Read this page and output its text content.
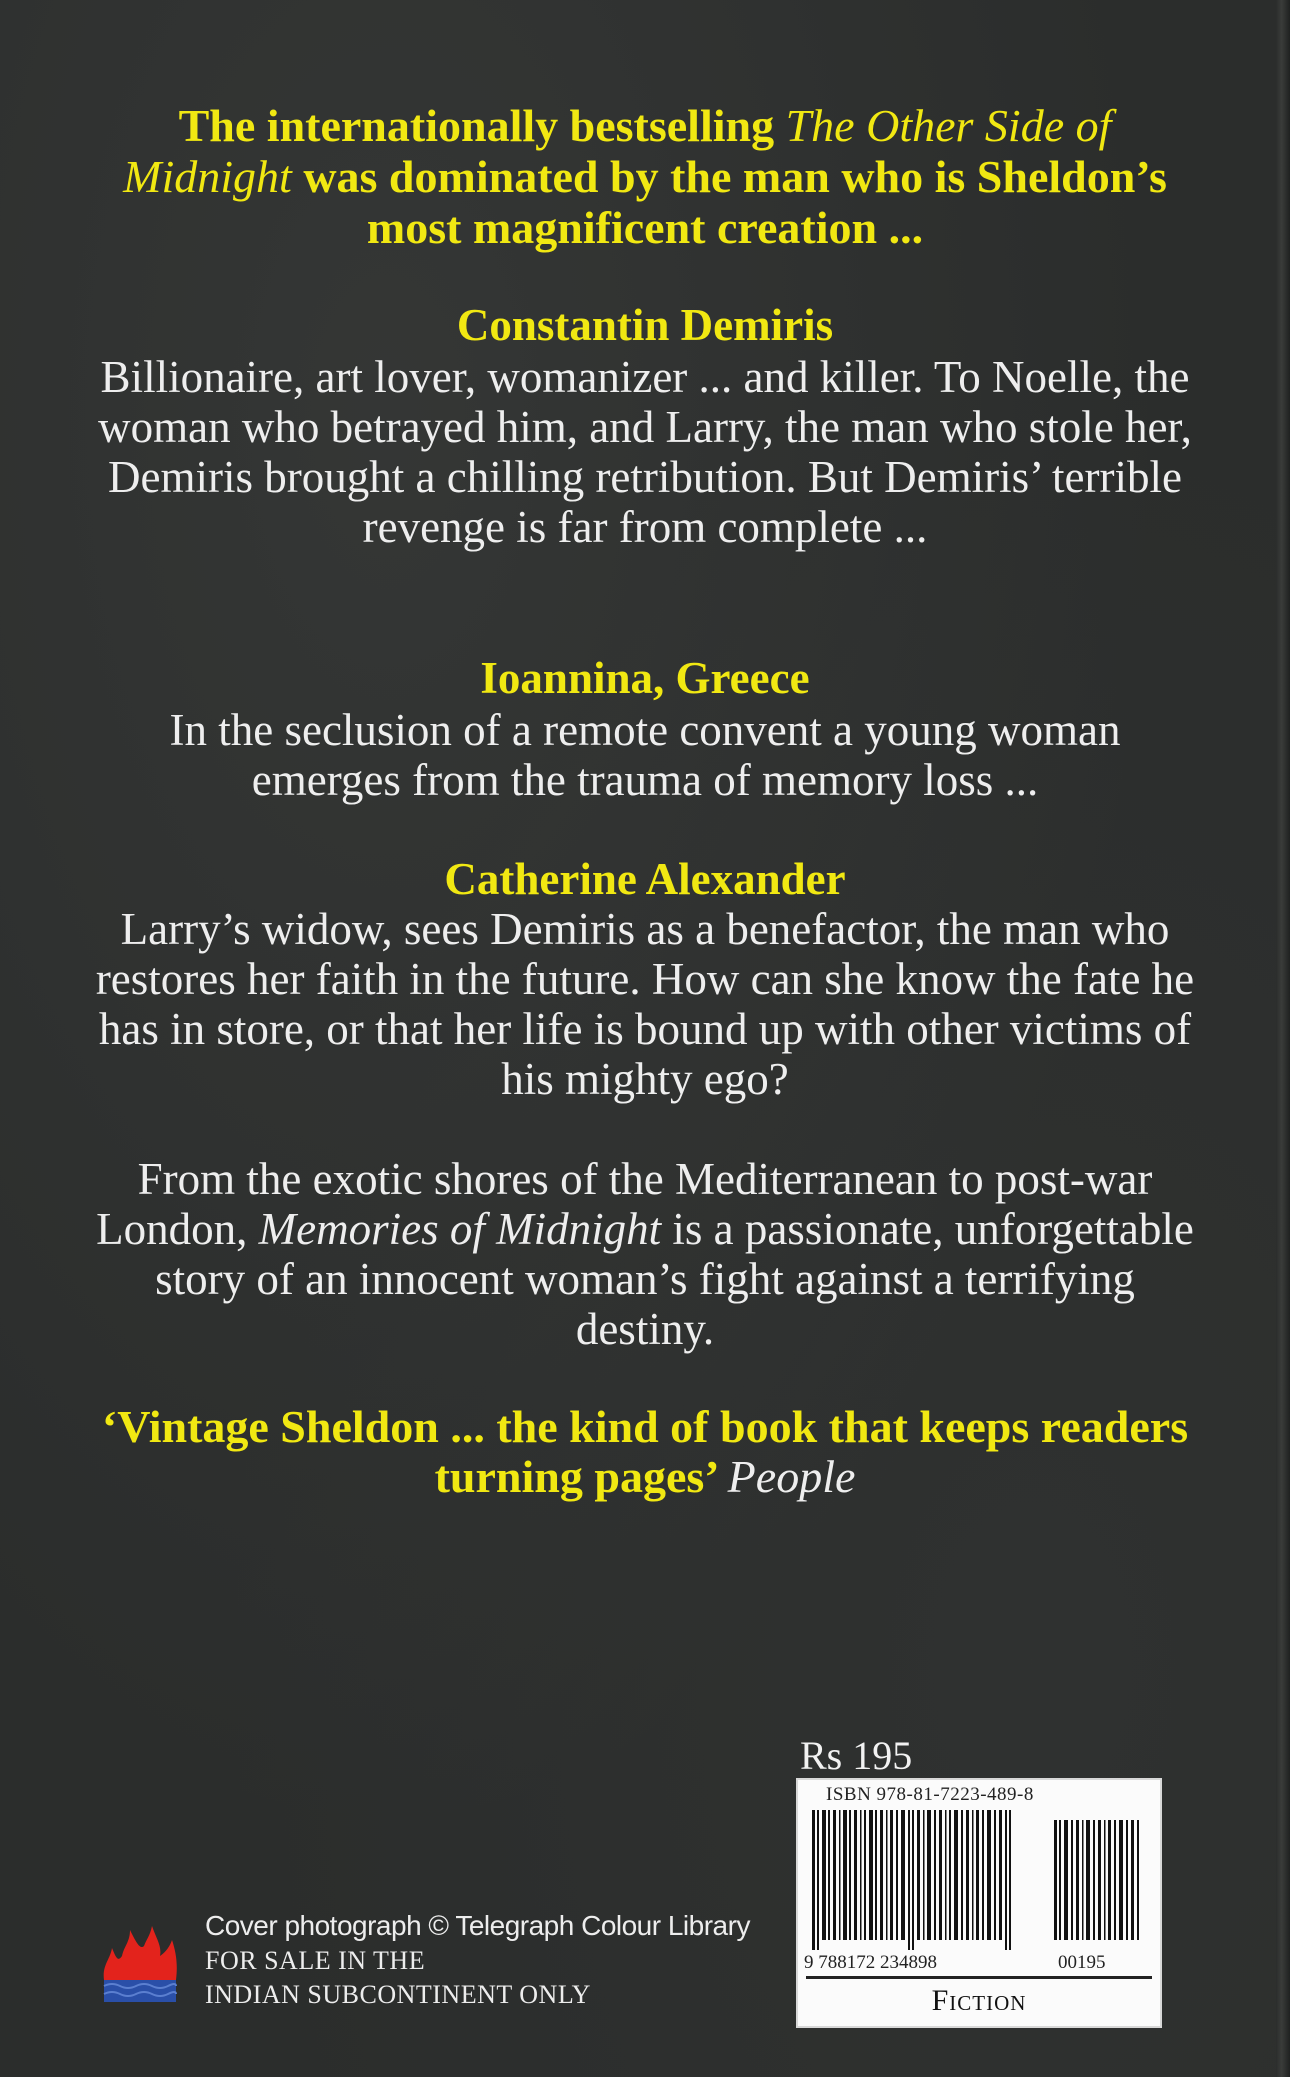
The internationally bestselling The Other Side of Midnight was dominated by the man who is Sheldon’s most magnificent creation ...
Constantin Demiris
Billionaire, art lover, womanizer ... and killer. To Noelle, the woman who betrayed him, and Larry, the man who stole her, Demiris brought a chilling retribution. But Demiris’ terrible revenge is far from complete ...
Ioannina, Greece
In the seclusion of a remote convent a young woman emerges from the trauma of memory loss ...
Catherine Alexander
Larry’s widow, sees Demiris as a benefactor, the man who restores her faith in the future. How can she know the fate he has in store, or that her life is bound up with other victims of his mighty ego?
From the exotic shores of the Mediterranean to post-war London, Memories of Midnight is a passionate, unforgettable story of an innocent woman’s fight against a terrifying destiny.
‘Vintage Sheldon ... the kind of book that keeps readers turning pages’ People
Rs 195
ISBN 978-81-7223-489-8
9 788172 234898	00195
Fiction
Cover photograph © Telegraph Colour Library
FOR SALE IN THE
INDIAN SUBCONTINENT ONLY
